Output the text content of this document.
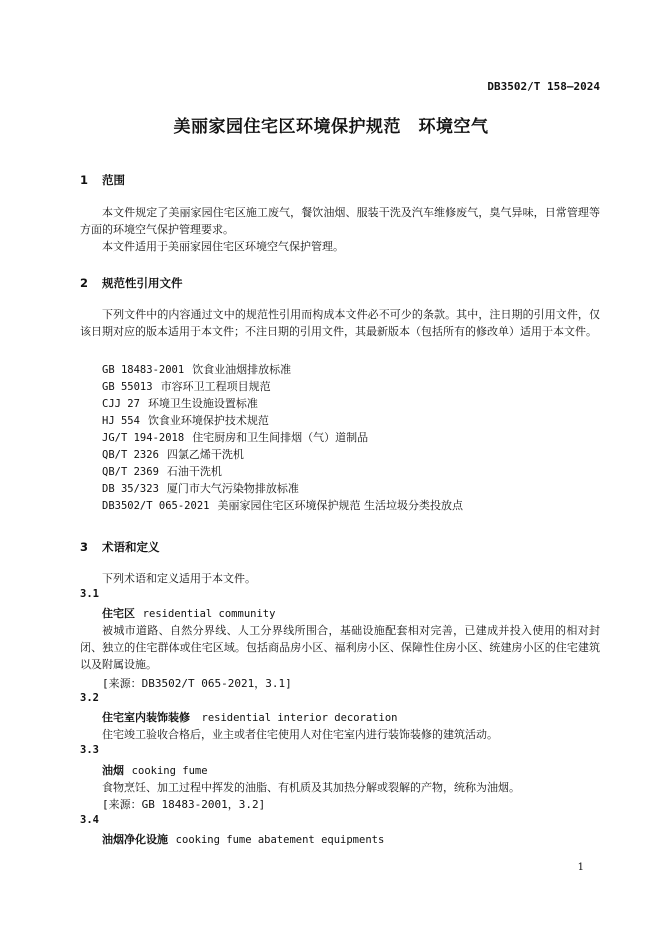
DB3502/T 158—2024
美丽家园住宅区环境保护规范　环境空气
1 范围
本文件规定了美丽家园住宅区施工废气，餐饮油烟、服装干洗及汽车维修废气，臭气异味，日常管理等方面的环境空气保护管理要求。
本文件适用于美丽家园住宅区环境空气保护管理。
2 规范性引用文件
下列文件中的内容通过文中的规范性引用而构成本文件必不可少的条款。其中，注日期的引用文件，仅该日期对应的版本适用于本文件；不注日期的引用文件，其最新版本（包括所有的修改单）适用于本文件。
GB 18483-2001 饮食业油烟排放标准
GB 55013 市容环卫工程项目规范
CJJ 27 环境卫生设施设置标准
HJ 554 饮食业环境保护技术规范
JG/T 194-2018 住宅厨房和卫生间排烟（气）道制品
QB/T 2326 四氯乙烯干洗机
QB/T 2369 石油干洗机
DB 35/323 厦门市大气污染物排放标准
DB3502/T 065-2021 美丽家园住宅区环境保护规范 生活垃圾分类投放点
3 术语和定义
下列术语和定义适用于本文件。
3.1
住宅区 residential community
被城市道路、自然分界线、人工分界线所围合，基础设施配套相对完善，已建成并投入使用的相对封闭、独立的住宅群体或住宅区域。包括商品房小区、福利房小区、保障性住房小区、统建房小区的住宅建筑以及附属设施。
[来源：DB3502/T 065-2021，3.1]
3.2
住宅室内装饰装修 residential interior decoration
住宅竣工验收合格后，业主或者住宅使用人对住宅室内进行装饰装修的建筑活动。
3.3
油烟 cooking fume
食物烹饪、加工过程中挥发的油脂、有机质及其加热分解或裂解的产物，统称为油烟。
[来源：GB 18483-2001，3.2]
3.4
油烟净化设施 cooking fume abatement equipments
1
